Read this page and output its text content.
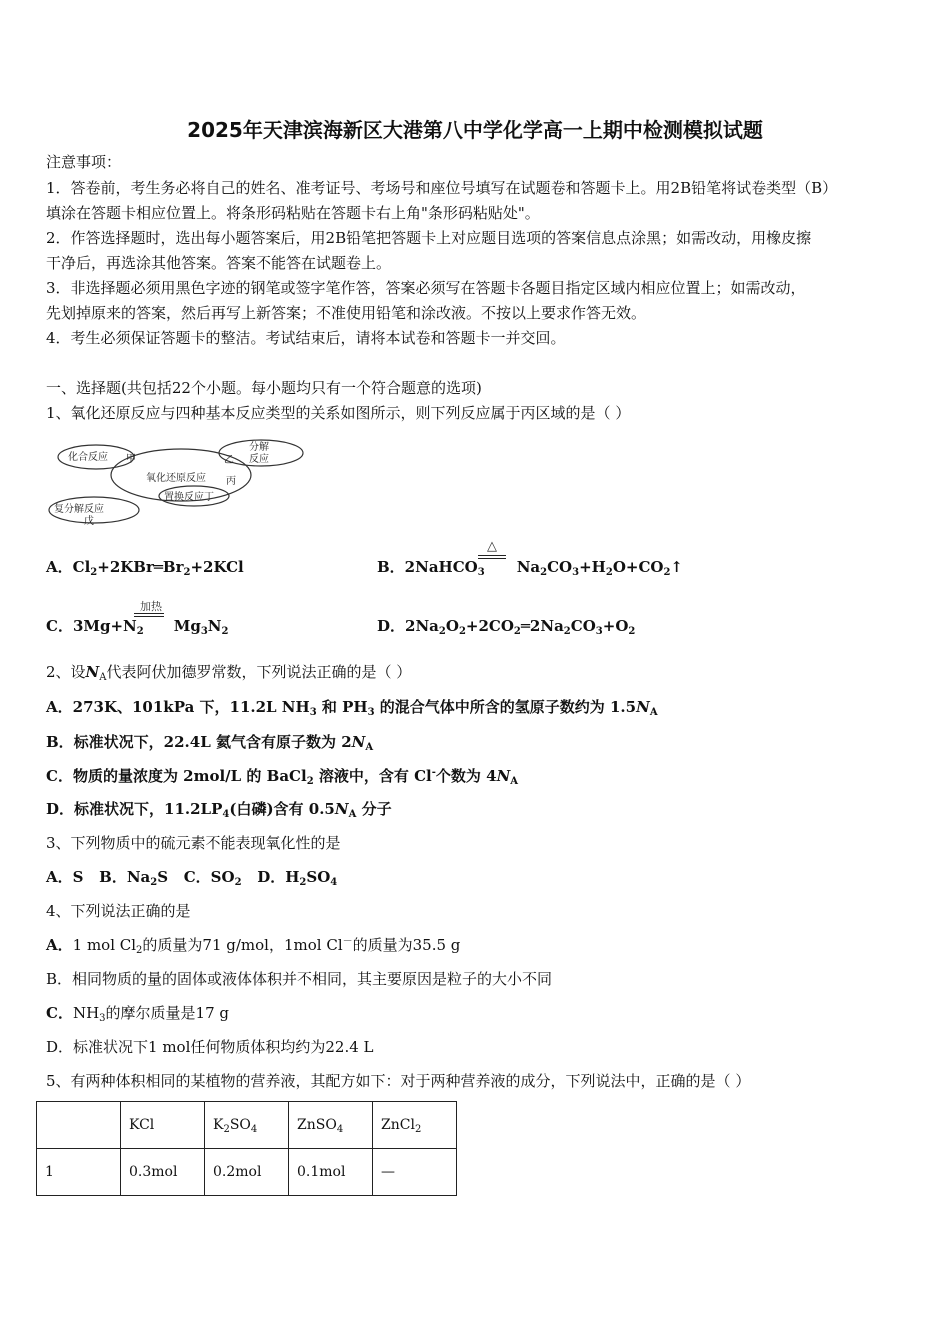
2025年天津滨海新区大港第八中学化学高一上期中检测模拟试题
注意事项：
1．答卷前，考生务必将自己的姓名、准考证号、考场号和座位号填写在试题卷和答题卡上。用2B铅笔将试卷类型（B）
填涂在答题卡相应位置上。将条形码粘贴在答题卡右上角"条形码粘贴处"。
2．作答选择题时，选出每小题答案后，用2B铅笔把答题卡上对应题目选项的答案信息点涂黑；如需改动，用橡皮擦
干净后，再选涂其他答案。答案不能答在试题卷上。
3．非选择题必须用黑色字迹的钢笔或签字笔作答，答案必须写在答题卡各题目指定区域内相应位置上；如需改动，
先划掉原来的答案，然后再写上新答案；不准使用铅笔和涂改液。不按以上要求作答无效。
4．考生必须保证答题卡的整洁。考试结束后，请将本试卷和答题卡一并交回。
一、选择题(共包括22个小题。每小题均只有一个符合题意的选项)
1、氧化还原反应与四种基本反应类型的关系如图所示，则下列反应属于丙区域的是（ ）
化合反应 甲
分解
反应
乙
氧化还原反应 丙
置换反应丁
复分解反应
戊
A．$Cl_2+2KBr═Br_2+2KCl$	B．2NaHCO$_3$ $Na_2CO_3+H_2O+CO_2↑$
△
C．$3Mg+N_2$ $Mg_3N_2$
加热
D．$2Na_2O_2+2CO_2═2Na_2CO_3+O_2$
2、设$N_A$代表阿伏加德罗常数，下列说法正确的是（ ）
A．273K、101kPa 下，11.2L $NH_3$ 和 $PH_3$ 的混合气体中所含的氢原子数约为 $1.5N_A$
B．标准状况下，22.4L 氦气含有原子数为 $2N_A$
C．物质的量浓度为 2mol/L 的 BaCl$_2$ 溶液中，含有 Cl-个数为 $4N_A$
D．标准状况下，$11.2LP_4$(白磷)含有 $0.5N_A$ 分子
3、下列物质中的硫元素不能表现氧化性的是
A．S   B．$Na_2S$   C．$SO_2$   D．$H_2SO_4$
4、下列说法正确的是
A．1 mol $Cl_2$的质量为71 g/mol，1mol Cl－的质量为35.5 g
B．相同物质的量的固体或液体体积并不相同，其主要原因是粒子的大小不同
C．$NH_3$的摩尔质量是17 g
D．标准状况下1 mol任何物质体积均约为22.4 L
5、有两种体积相同的某植物的营养液，其配方如下：对于两种营养液的成分，下列说法中，正确的是（ ）
	KCl	$K_2SO_4$	ZnSO$_4$	ZnCl$_2$
1	0.3mol	0.2mol	0.1mol	—
